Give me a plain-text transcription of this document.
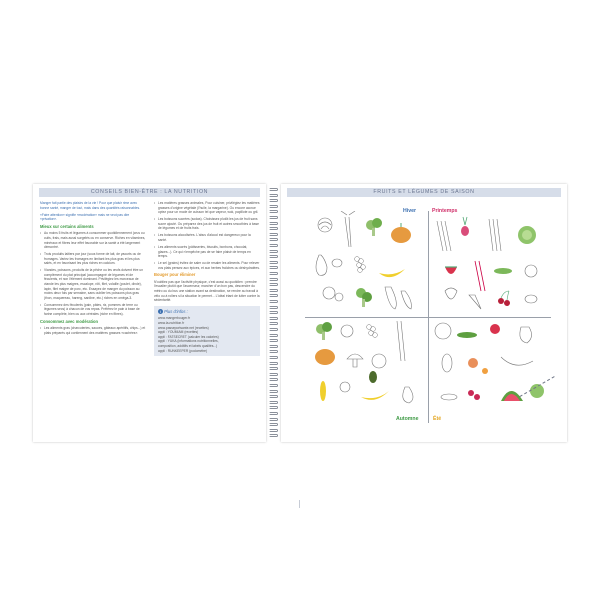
CONSEILS BIEN-ÊTRE : LA NUTRITION

Manger fait partie des plaisirs de la vie ! Pour que plaisir rime avec bonne santé, manger de tout, mais dans des quantités raisonnables.

«Faire attention» signifie «modération» mais ne veut pas dire «privation».

Mieux sur certains aliments

• Au moins 5 fruits et légumes à consommer quotidiennement (crus ou cuits, frais, mais aussi surgelés ou en conserve. Riches en vitamines, minéraux et fibres leur effet favorable sur la santé a été largement démontré.

• Trois produits laitiers par jour (sous forme de lait, de yaourts ou de fromages. Variez les fromages en limitant les plus gras et les plus salés, et en favorisant les plus riches en calcium.

• Viandes, poissons, produits de la pêche ou les œufs doivent être un complément du plat principal (accompagné de légumes et de féculents, et non l'élément dominant. Privilégiez les morceaux de viande les plus maigres, escalope, rôti, filet, volaille (poulet, dinde), lapin, filet maigre de porc, etc. Essayez de manger du poisson au moins deux fois par semaine, sans oublier les poissons plus gras (thon, maquereau, hareng, sardine, etc.) riches en oméga-3.

• Consommez des féculents (pain, pâtes, riz, pommes de terre ou légumes secs) à chacun de vos repas. Préférez le pain à base de farine complète, bien ou aux céréales (riche en fibres).

Consommez avec modération

• Les aliments gras (charcuteries, sauces, gâteaux apéritifs, chips...) et plats préparés qui contiennent des matières grasses «cachées».

• Les matières grasses animales, Pour cuisiner, privilégiez les matières grasses d'origine végétale (l'huile, la margarine). Ou encore accrue optez pour un mode de cuisson tel que vapeur, wok, papillote ou gril.

• Les boissons sucrées (sodas). Choisissez plutôt les jus de fruit sans sucre ajouté. Ou préparez des jus de fruit et autres smoothies à base de légumes et de fruits frais.

• Les boissons alcoolisées. L'abus d'alcool est dangereux pour la santé.

• Les aliments sucrés (pâtisseries, biscuits, bonbons, chocolat, glaces...). Ce qui n'empêche pas de se faire plaisir de temps en temps.

• Le sel (grains) évitez de saler ou de resaler les aliments. Pour relever vos plats pensez aux épices, et aux herbes fraîches ou déshydratées.

Bouger pour éliminer

N'oubliez pas que l'activité physique, c'est aussi au quotidien : prendre l'escalier plutôt que l'ascenseur, marcher d'un bon pas, descendre du métro ou du bus une station avant sa destination, se rendre au travail à vélo ou à rollers si la situation le permet... L'idéal étant de lutter contre la sédentarité.

i Plus d'infos :
www.mangerbouger.fr
www.la-nutrition.fr
www.passeportsante.net (recettes)
appli : YOUMIAM (recettes)
appli : FATSECRET (calculer les calories)
appli : YUKA (informations nutritionnelles,
composition, additifs et labels qualités...)
appli : RUNKEEPER (podomètre)
FRUITS ET LÉGUMES DE SAISON
Hiver	Printemps
Automne	Été
